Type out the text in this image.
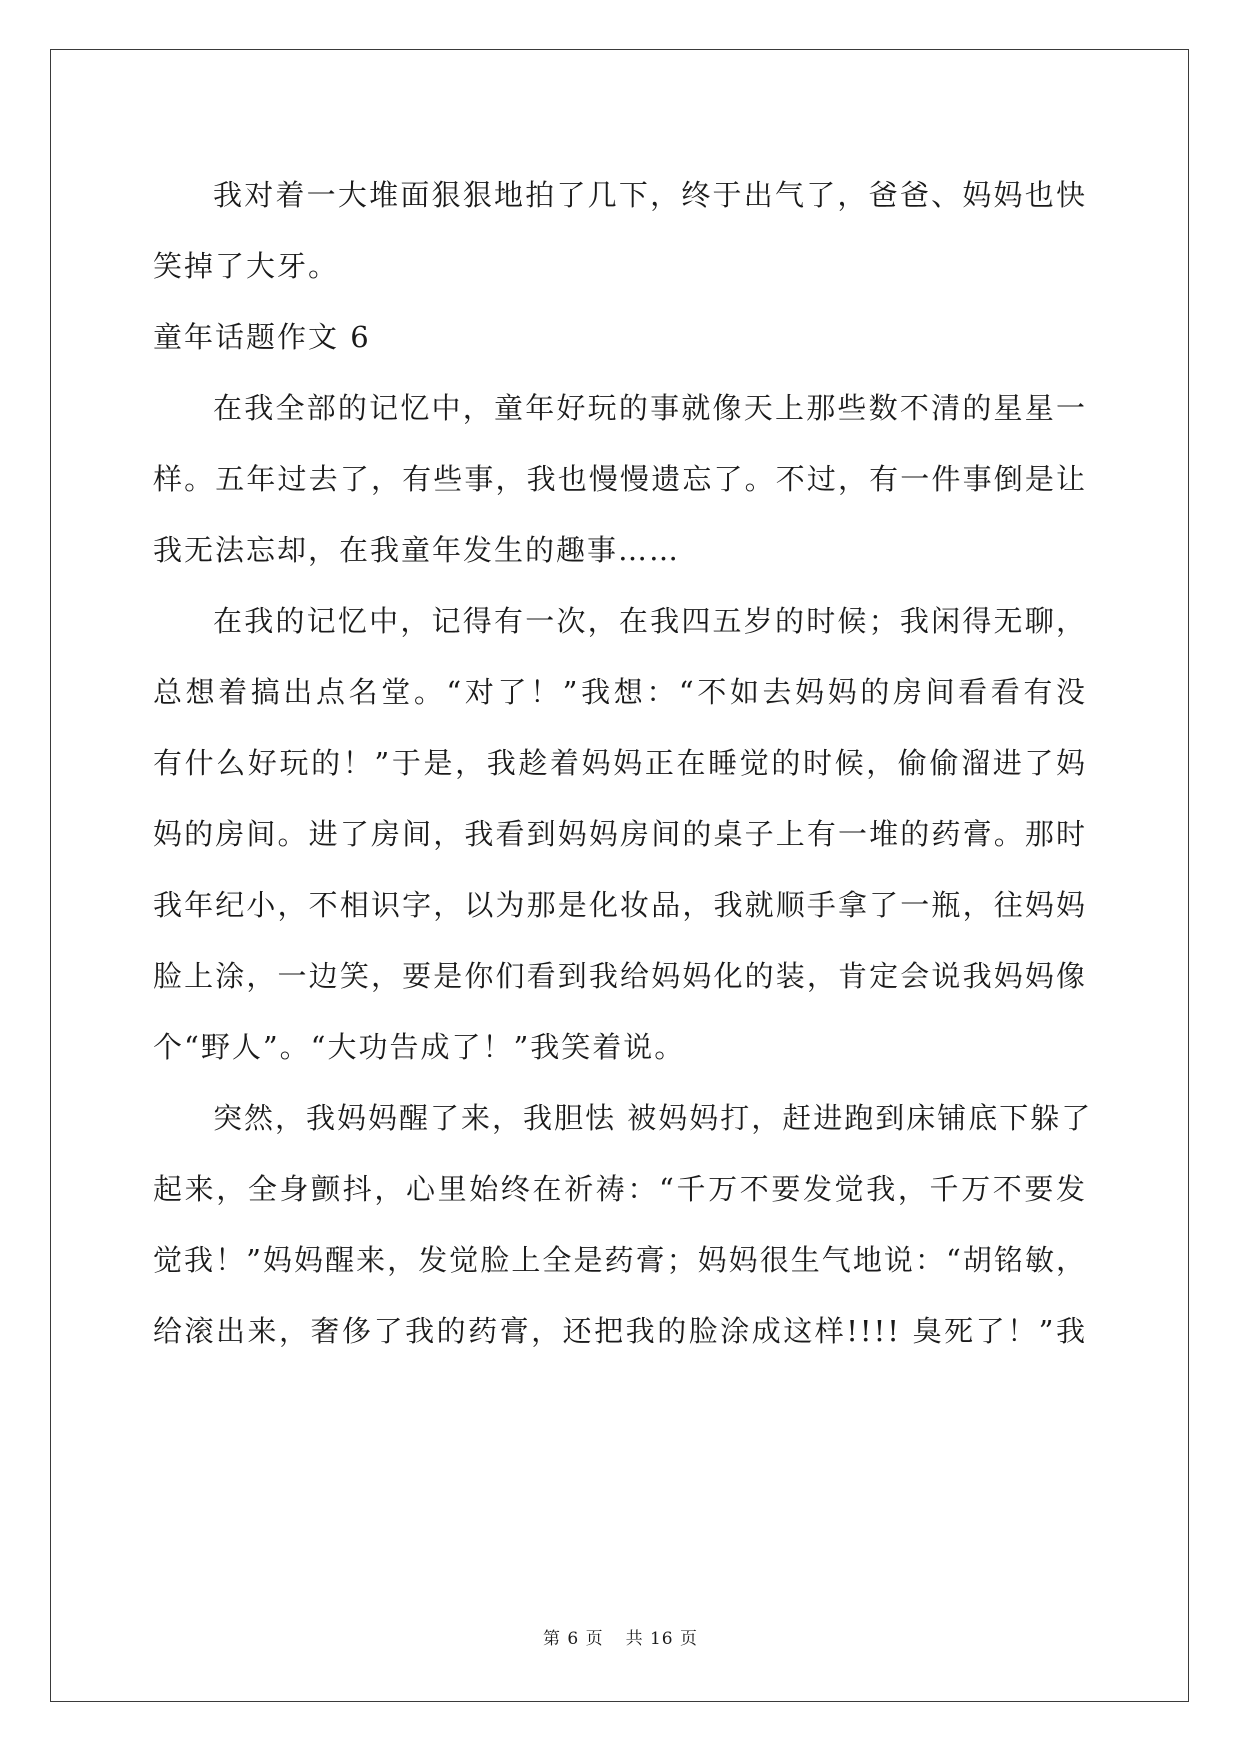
我对着一大堆面狠狠地拍了几下，终于出气了，爸爸、妈妈也快
笑掉了大牙。
童年话题作文 6
在我全部的记忆中，童年好玩的事就像天上那些数不清的星星一
样。五年过去了，有些事，我也慢慢遗忘了。不过，有一件事倒是让
我无法忘却，在我童年发生的趣事……
在我的记忆中，记得有一次，在我四五岁的时候；我闲得无聊，
总想着搞出点名堂。“对了！”我想：“不如去妈妈的房间看看有没
有什么好玩的！”于是，我趁着妈妈正在睡觉的时候，偷偷溜进了妈
妈的房间。进了房间，我看到妈妈房间的桌子上有一堆的药膏。那时
我年纪小，不相识字，以为那是化妆品，我就顺手拿了一瓶，往妈妈
脸上涂，一边笑，要是你们看到我给妈妈化的装，肯定会说我妈妈像
个“野人”。“大功告成了！”我笑着说。
突然，我妈妈醒了来，我胆怯 被妈妈打，赶进跑到床铺底下躲了
起来，全身颤抖，心里始终在祈祷：“千万不要发觉我，千万不要发
觉我！”妈妈醒来，发觉脸上全是药膏；妈妈很生气地说：“胡铭敏，
给滚出来，奢侈了我的药膏，还把我的脸涂成这样!!!! 臭死了！”我
第 6 页 共 16 页
